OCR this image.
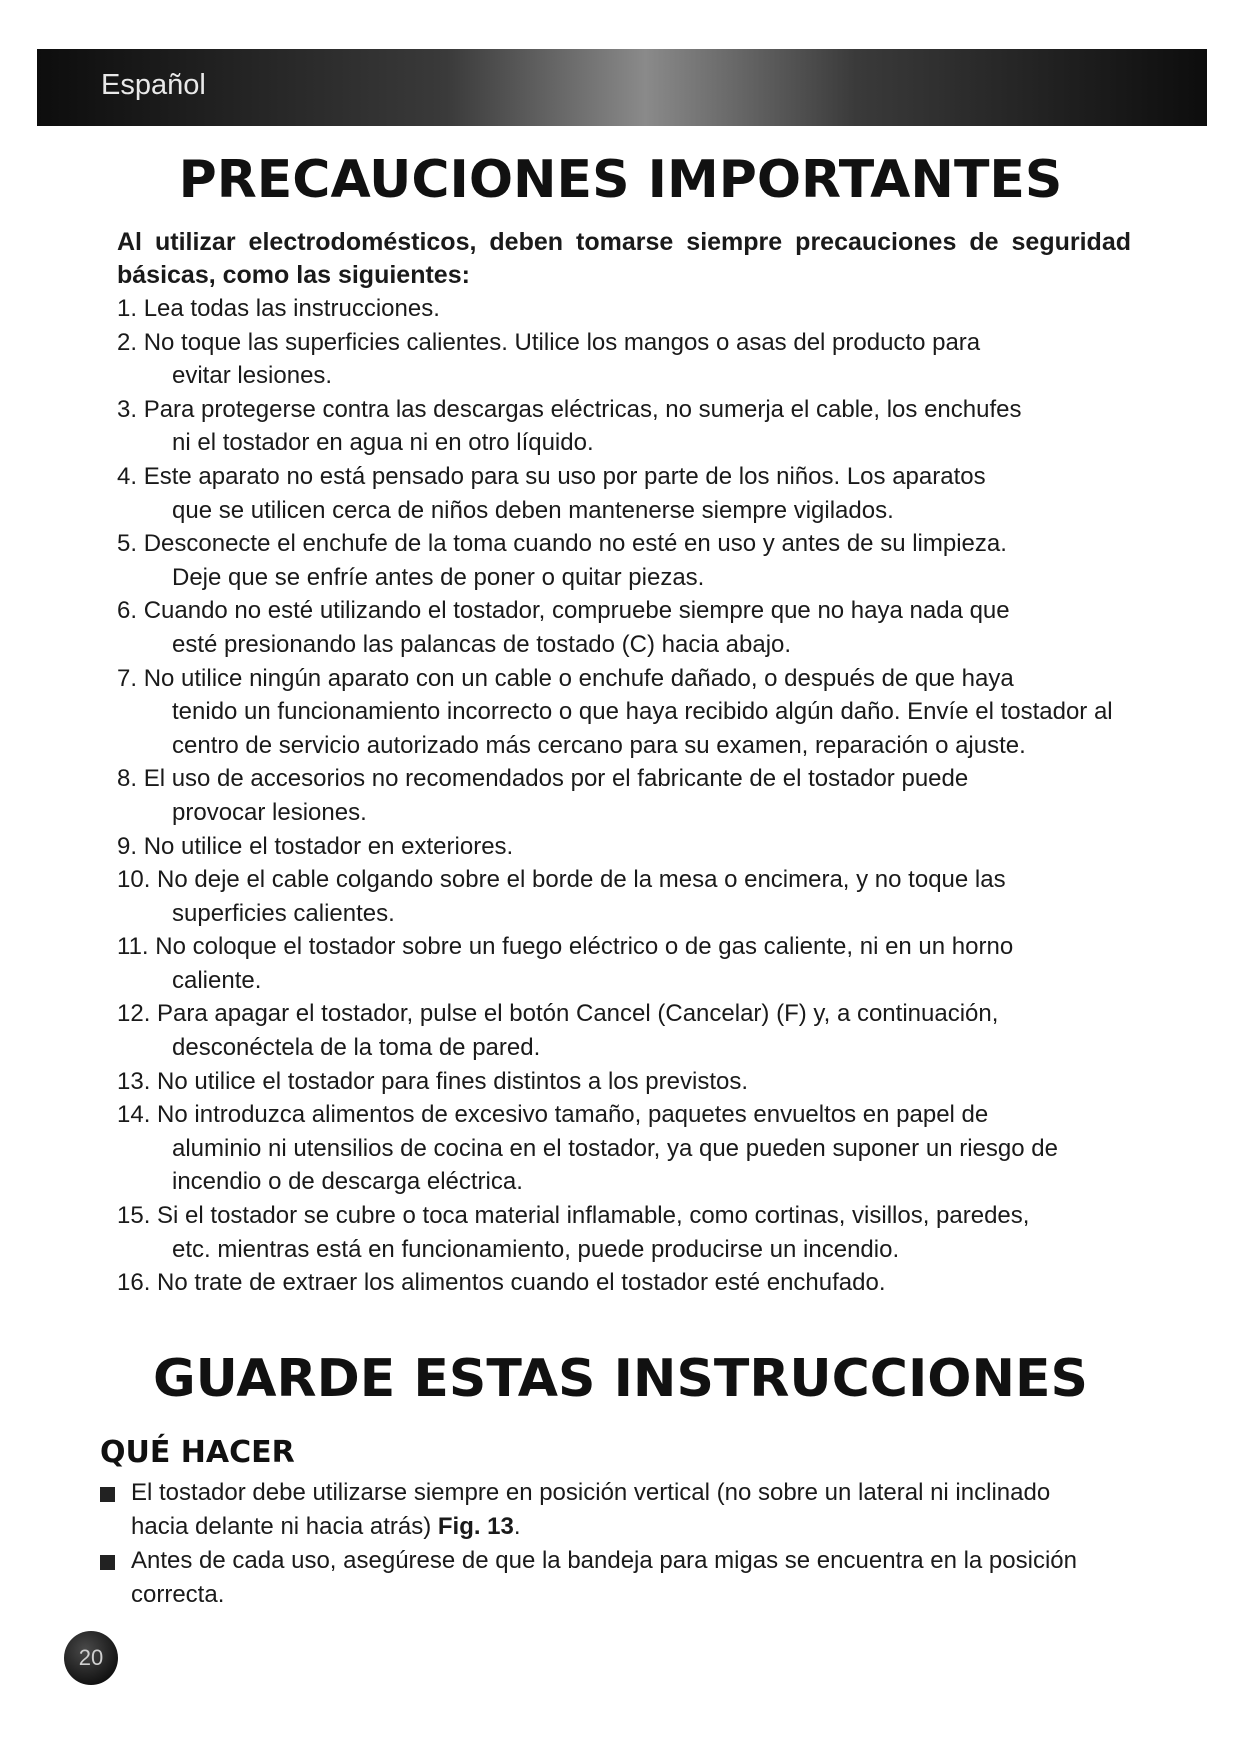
Español
PRECAUCIONES IMPORTANTES
Al utilizar electrodomésticos, deben tomarse siempre precauciones de seguridad básicas, como las siguientes:
1. Lea todas las instrucciones.
2. No toque las superficies calientes. Utilice los mangos o asas del producto para
evitar lesiones.
3. Para protegerse contra las descargas eléctricas, no sumerja el cable, los enchufes
ni el tostador en agua ni en otro líquido.
4. Este aparato no está pensado para su uso por parte de los niños. Los aparatos
que se utilicen cerca de niños deben mantenerse siempre vigilados.
5. Desconecte el enchufe de la toma cuando no esté en uso y antes de su limpieza.
Deje que se enfríe antes de poner o quitar piezas.
6. Cuando no esté utilizando el tostador, compruebe siempre que no haya nada que
esté presionando las palancas de tostado (C) hacia abajo.
7. No utilice ningún aparato con un cable o enchufe dañado, o después de que haya
tenido un funcionamiento incorrecto o que haya recibido algún daño. Envíe el tostador al centro de servicio autorizado más cercano para su examen, reparación o ajuste.
8. El uso de accesorios no recomendados por el fabricante de el tostador puede
provocar lesiones.
9. No utilice el tostador en exteriores.
10. No deje el cable colgando sobre el borde de la mesa o encimera, y no toque las
superficies calientes.
11. No coloque el tostador sobre un fuego eléctrico o de gas caliente, ni en un horno
caliente.
12. Para apagar el tostador, pulse el botón Cancel (Cancelar) (F) y, a continuación,
desconéctela de la toma de pared.
13. No utilice el tostador para fines distintos a los previstos.
14. No introduzca alimentos de excesivo tamaño, paquetes envueltos en papel de
aluminio ni utensilios de cocina en el tostador, ya que pueden suponer un riesgo de incendio o de descarga eléctrica.
15. Si el tostador se cubre o toca material inflamable, como cortinas, visillos, paredes,
etc. mientras está en funcionamiento, puede producirse un incendio.
16. No trate de extraer los alimentos cuando el tostador esté enchufado.
GUARDE ESTAS INSTRUCCIONES
QUÉ HACER
El tostador debe utilizarse siempre en posición vertical (no sobre un lateral ni inclinado
hacia delante ni hacia atrás) Fig. 13.
Antes de cada uso, asegúrese de que la bandeja para migas se encuentra en la posición
correcta.
20
